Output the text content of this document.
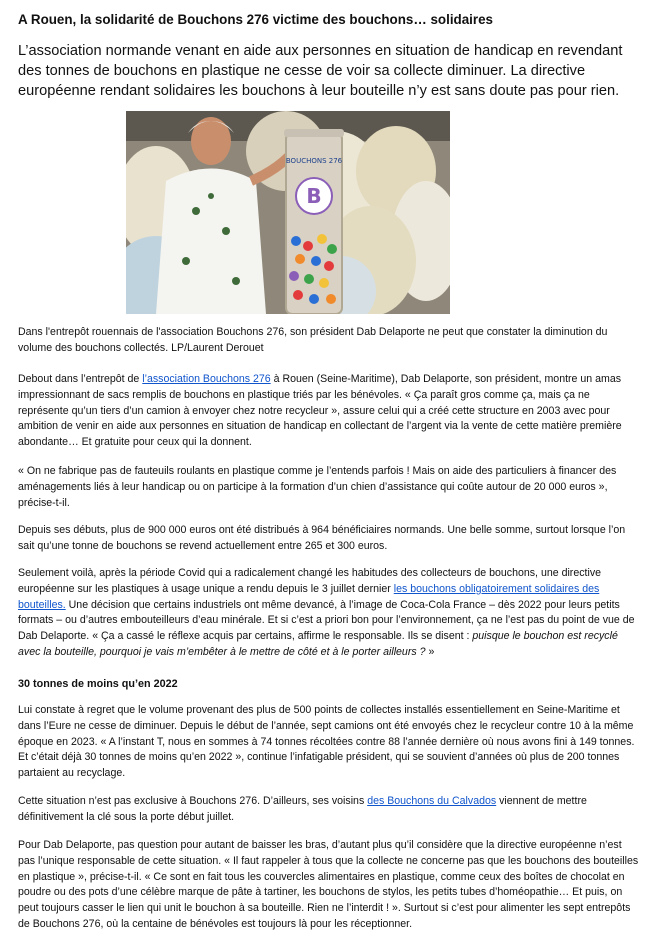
A Rouen, la solidarité de Bouchons 276 victime des bouchons… solidaires

L’association normande venant en aide aux personnes en situation de handicap en revendant des tonnes de bouchons en plastique ne cesse de voir sa collecte diminuer. La directive européenne rendant solidaires les bouchons à leur bouteille n’y est sans doute pas pour rien.

BOUCHONS 276
B

Dans l'entrepôt rouennais de l'association Bouchons 276, son président Dab Delaporte ne peut que constater la diminution du volume des bouchons collectés. LP/Laurent Derouet

Debout dans l’entrepôt de l’association Bouchons 276 à Rouen (Seine-Maritime), Dab Delaporte, son président, montre un amas impressionnant de sacs remplis de bouchons en plastique triés par les bénévoles. « Ça paraît gros comme ça, mais ça ne représente qu’un tiers d’un camion à envoyer chez notre recycleur », assure celui qui a créé cette structure en 2003 avec pour ambition de venir en aide aux personnes en situation de handicap en collectant de l’argent via la vente de cette matière première abondante… Et gratuite pour ceux qui la donnent.

« On ne fabrique pas de fauteuils roulants en plastique comme je l’entends parfois ! Mais on aide des particuliers à financer des aménagements liés à leur handicap ou on participe à la formation d’un chien d’assistance qui coûte autour de 20 000 euros », précise-t-il.

Depuis ses débuts, plus de 900 000 euros ont été distribués à 964 bénéficiaires normands. Une belle somme, surtout lorsque l’on sait qu’une tonne de bouchons se revend actuellement entre 265 et 300 euros.

Seulement voilà, après la période Covid qui a radicalement changé les habitudes des collecteurs de bouchons, une directive européenne sur les plastiques à usage unique a rendu depuis le 3 juillet dernier les bouchons obligatoirement solidaires des bouteilles. Une décision que certains industriels ont même devancé, à l’image de Coca-Cola France – dès 2022 pour leurs petits formats – ou d’autres embouteilleurs d’eau minérale. Et si c’est a priori bon pour l’environnement, ça ne l’est pas du point de vue de Dab Delaporte. « Ça a cassé le réflexe acquis par certains, affirme le responsable. Ils se disent : puisque le bouchon est recyclé avec la bouteille, pourquoi je vais m’embêter à le mettre de côté et à le porter ailleurs ? »

30 tonnes de moins qu’en 2022

Lui constate à regret que le volume provenant des plus de 500 points de collectes installés essentiellement en Seine-Maritime et dans l’Eure ne cesse de diminuer. Depuis le début de l’année, sept camions ont été envoyés chez le recycleur contre 10 à la même époque en 2023. « A l’instant T, nous en sommes à 74 tonnes récoltées contre 88 l’année dernière où nous avons fini à 149 tonnes. Et c’était déjà 30 tonnes de moins qu’en 2022 », continue l’infatigable président, qui se souvient d’années où plus de 200 tonnes partaient au recyclage.

Cette situation n’est pas exclusive à Bouchons 276. D’ailleurs, ses voisins des Bouchons du Calvados viennent de mettre définitivement la clé sous la porte début juillet.

Pour Dab Delaporte, pas question pour autant de baisser les bras, d’autant plus qu’il considère que la directive européenne n’est pas l’unique responsable de cette situation. « Il faut rappeler à tous que la collecte ne concerne pas que les bouchons des bouteilles en plastique », précise-t-il. « Ce sont en fait tous les couvercles alimentaires en plastique, comme ceux des boîtes de chocolat en poudre ou des pots d’une célèbre marque de pâte à tartiner, les bouchons de stylos, les petits tubes d’homéopathie… Et puis, on peut toujours casser le lien qui unit le bouchon à sa bouteille. Rien ne l’interdit ! ». Surtout si c’est pour alimenter les sept entrepôts de Bouchons 276, où la centaine de bénévoles est toujours là pour les réceptionner.
